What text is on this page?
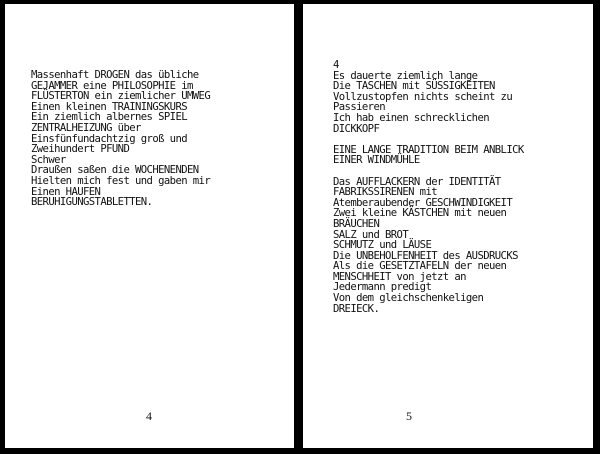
Massenhaft DROGEN das übliche
GEJAMMER eine PHILOSOPHIE im
FLÜSTERTON ein ziemlicher UMWEG
Einen kleinen TRAININGSKURS
Ein ziemlich albernes SPIEL
ZENTRALHEIZUNG über
Einsfünfundachtzig groß und
Zweihundert PFUND
Schwer
Draußen saßen die WOCHENENDEN
Hielten mich fest und gaben mir
Einen HAUFEN
BERUHIGUNGSTABLETTEN.
4
4
Es dauerte ziemlich lange
Die TASCHEN mit SÜSSIGKEITEN
Vollzustopfen nichts scheint zu
Passieren
Ich hab einen schrecklichen
DICKKOPF
EINE LANGE TRADITION BEIM ANBLICK
EINER WINDMÜHLE
Das AUFFLACKERN der IDENTITÄT
FABRIKSSIRENEN mit
Atemberaubender GESCHWINDIGKEIT
Zwei kleine KÄSTCHEN mit neuen
BRÄUCHEN
SALZ und BROT
SCHMUTZ und LÄUSE
Die UNBEHOLFENHEIT des AUSDRUCKS
Als die GESETZTAFELN der neuen
MENSCHHEIT von jetzt an
Jedermann predigt
Von dem gleichschenkeligen
DREIECK.
5
